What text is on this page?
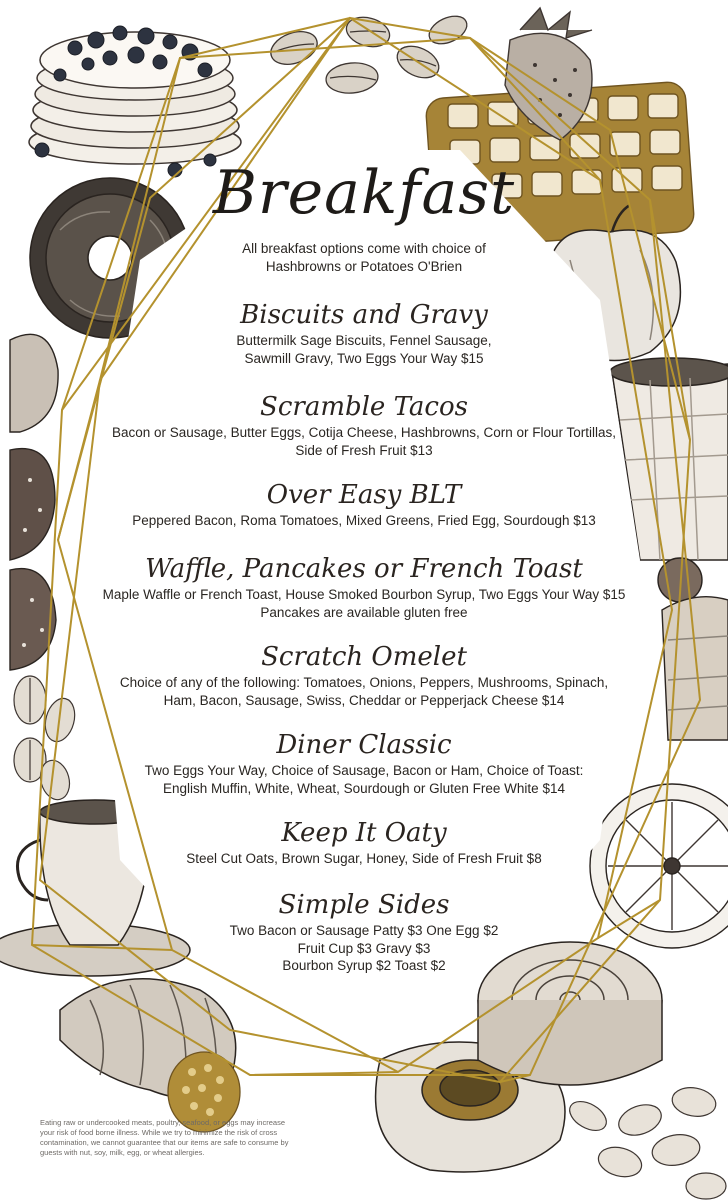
Breakfast
All breakfast options come with choice of
Hashbrowns or Potatoes O'Brien
Biscuits and Gravy
Buttermilk Sage Biscuits, Fennel Sausage,
Sawmill Gravy, Two Eggs Your Way $15
Scramble Tacos
Bacon or Sausage, Butter Eggs, Cotija Cheese, Hashbrowns, Corn or Flour Tortillas,
Side of Fresh Fruit $13
Over Easy BLT
Peppered Bacon, Roma Tomatoes, Mixed Greens, Fried Egg, Sourdough $13
Waffle, Pancakes or French Toast
Maple Waffle or French Toast, House Smoked Bourbon Syrup, Two Eggs Your Way $15
Pancakes are available gluten free
Scratch Omelet
Choice of any of the following: Tomatoes, Onions, Peppers, Mushrooms, Spinach,
Ham, Bacon, Sausage, Swiss, Cheddar or Pepperjack Cheese $14
Diner Classic
Two Eggs Your Way, Choice of Sausage, Bacon or Ham, Choice of Toast:
English Muffin, White, Wheat, Sourdough or Gluten Free White $14
Keep It Oaty
Steel Cut Oats, Brown Sugar, Honey, Side of Fresh Fruit $8
Simple Sides
Two Bacon or Sausage Patty $3 One Egg $2
Fruit Cup $3 Gravy $3
Bourbon Syrup $2 Toast $2
Eating raw or undercooked meats, poultry, seafood, or eggs may increase your risk of food borne illness. While we try to minimize the risk of cross contamination, we cannot guarantee that our items are safe to consume by guests with nut, soy, milk, egg, or wheat allergies.
